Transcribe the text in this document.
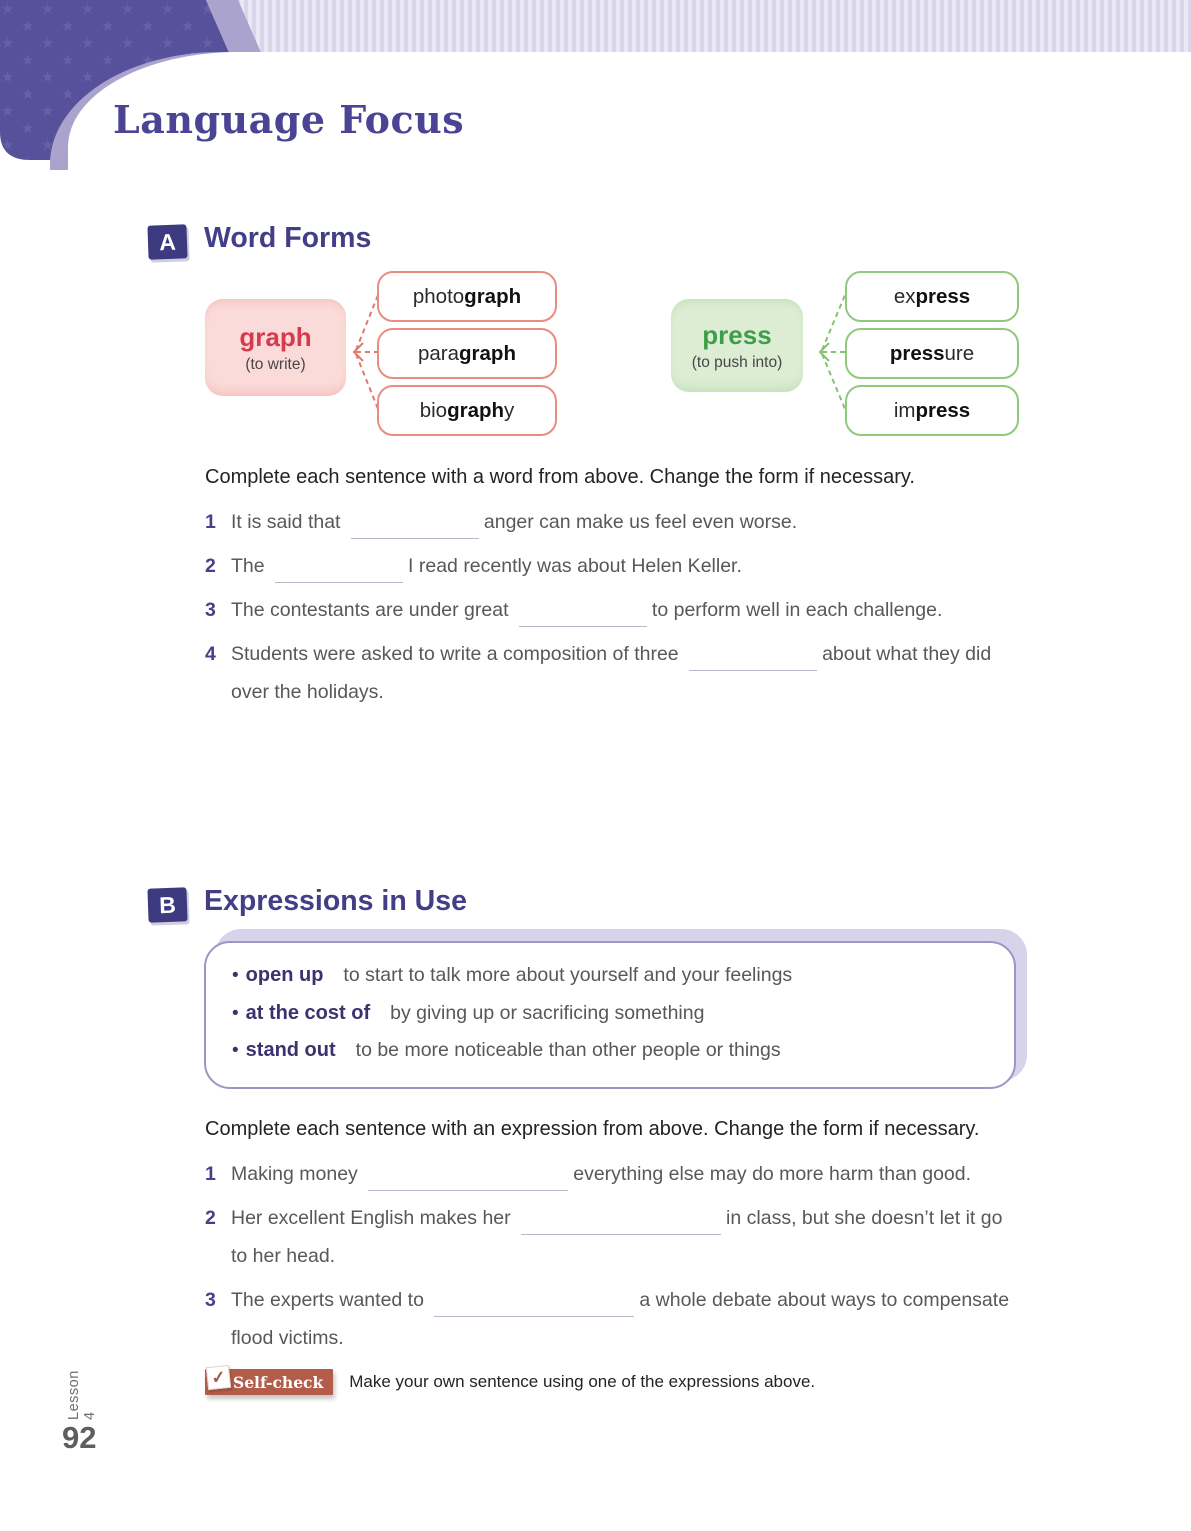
Language Focus
A Word Forms
graph
(to write)
photo graph
para graph
bio graph y
press
(to push into)
ex press
press ure
im press
Complete each sentence with a word from above. Change the form if necessary.
1 It is said that	anger can make us feel even worse.
2 The	I read recently was about Helen Keller.
3 The contestants are under great	to perform well in each challenge.
4 Students were asked to write a composition of three	about what they did over the holidays.
B Expressions in Use
• open up to start to talk more about yourself and your feelings
• at the cost of by giving up or sacrificing something
• stand out to be more noticeable than other people or things
Complete each sentence with an expression from above. Change the form if necessary.
1 Making money	everything else may do more harm than good.
2 Her excellent English makes her	in class, but she doesn’t let it go to her head.
3 The experts wanted to	a whole debate about ways to compensate flood victims.
✓ Self-check Make your own sentence using one of the expressions above.
Lesson 4
92
